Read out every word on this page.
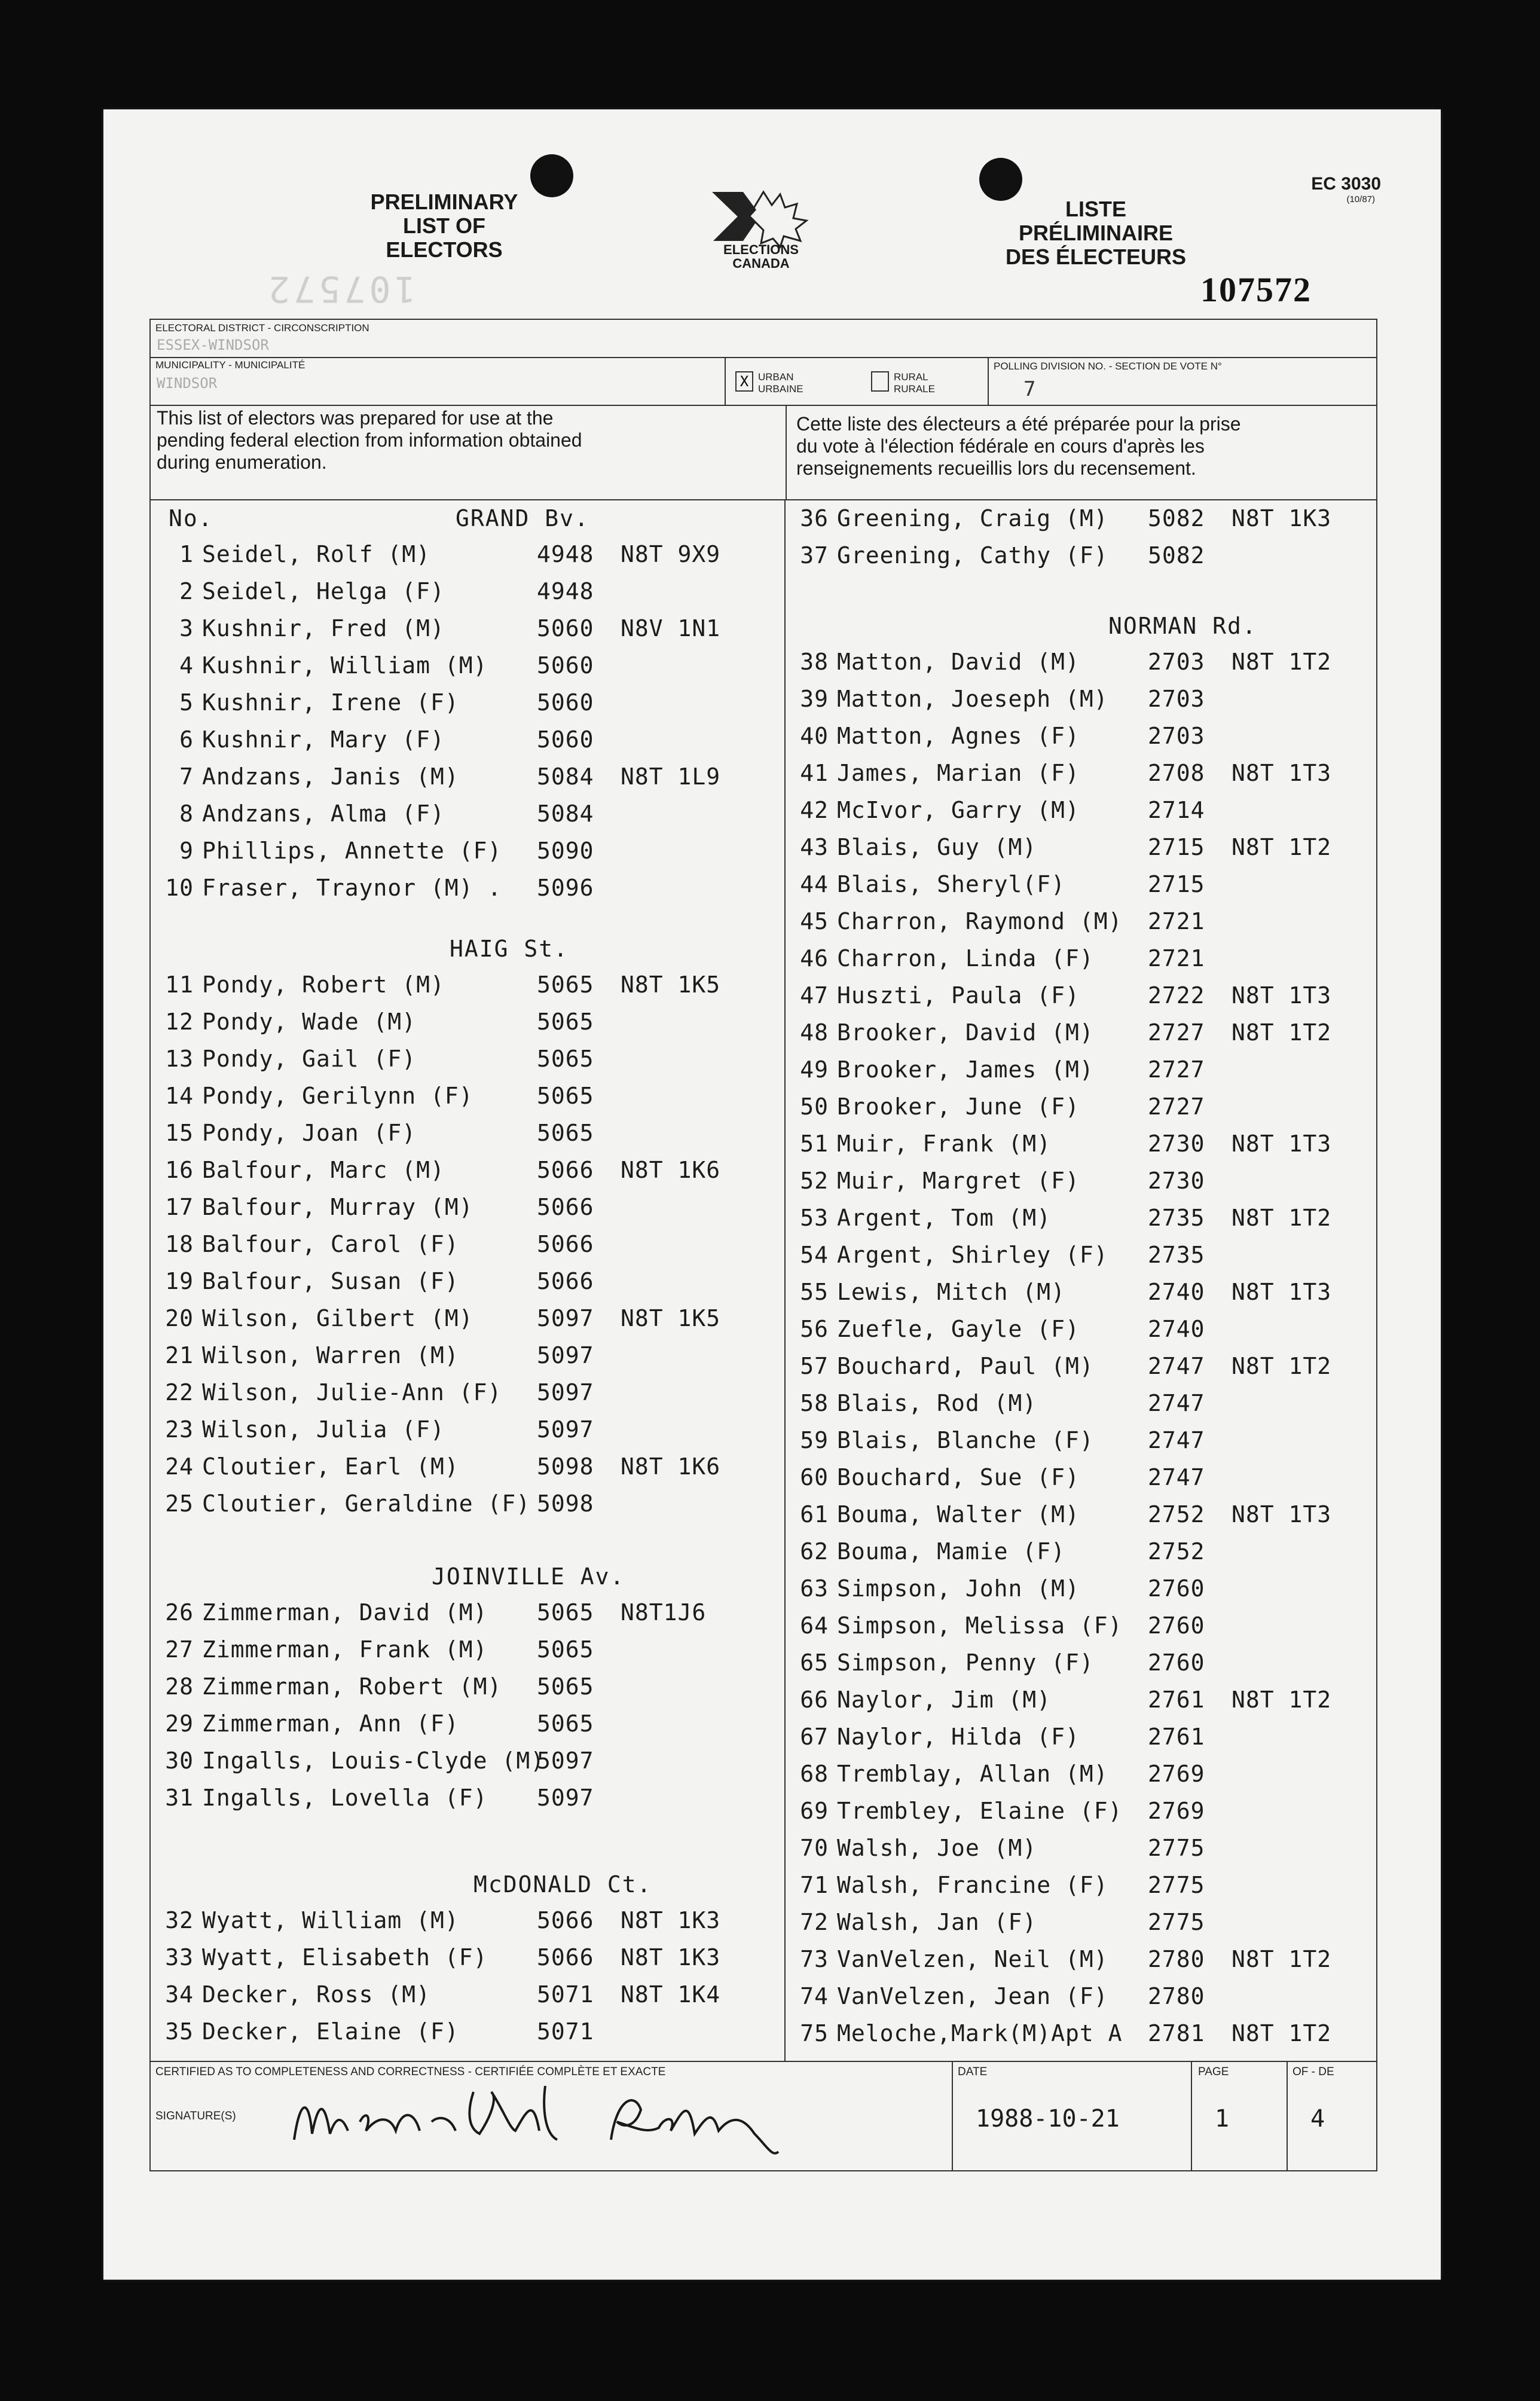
PRELIMINARY
LIST OF
ELECTORS	ELECTIONS
CANADA
LISTE
PRÉLIMINAIRE
DES ÉLECTEURS
EC 3030
(10/87)
107572
107572
ELECTORAL DISTRICT - CIRCONSCRIPTION
ESSEX-WINDSOR
MUNICIPALITY - MUNICIPALITÉ
WINDSOR	X URBAN
URBAINE
RURAL
RURALE
POLLING DIVISION NO. - SECTION DE VOTE N°
7
This list of electors was prepared for use at the
pending federal election from information obtained
during enumeration.
Cette liste des électeurs a été préparée pour la prise
du vote à l'élection fédérale en cours d'après les
renseignements recueillis lors du recensement.
No.	GRAND Bv.
HAIG St.
JOINVILLE Av.
McDONALD Ct.
1 Seidel, Rolf (M)	4948 N8T 9X9
2 Seidel, Helga (F)	4948
3 Kushnir, Fred (M)	5060 N8V 1N1
4 Kushnir, William (M) 5060
5 Kushnir, Irene (F)	5060
6 Kushnir, Mary (F)	5060
7 Andzans, Janis (M)	5084 N8T 1L9
8 Andzans, Alma (F)	5084
9 Phillips, Annette (F) 5090
10 Fraser, Traynor (M) . 5096
11 Pondy, Robert (M)	5065 N8T 1K5
12 Pondy, Wade (M)	5065
13 Pondy, Gail (F)	5065
14 Pondy, Gerilynn (F)	5065
15 Pondy, Joan (F)	5065
16 Balfour, Marc (M)	5066 N8T 1K6
17 Balfour, Murray (M)	5066
18 Balfour, Carol (F)	5066
19 Balfour, Susan (F)	5066
20 Wilson, Gilbert (M)	5097 N8T 1K5
21 Wilson, Warren (M)	5097
22 Wilson, Julie-Ann (F) 5097
23 Wilson, Julia (F)	5097
24 Cloutier, Earl (M)	5098 N8T 1K6
25 Cloutier, Geraldine (F) 5098
26 Zimmerman, David (M) 5065 N8T1J6
27 Zimmerman, Frank (M) 5065
28 Zimmerman, Robert (M) 5065
29 Zimmerman, Ann (F)	5065
30 Ingalls, Louis-Clyde (M)5097
31 Ingalls, Lovella (F) 5097
32 Wyatt, William (M)	5066 N8T 1K3
33 Wyatt, Elisabeth (F) 5066 N8T 1K3
34 Decker, Ross (M)	5071 N8T 1K4
35 Decker, Elaine (F)	5071
NORMAN Rd.
36 Greening, Craig (M) 5082 N8T 1K3
37 Greening, Cathy (F) 5082
38 Matton, David (M)	2703 N8T 1T2
39 Matton, Joeseph (M) 2703
40 Matton, Agnes (F)	2703
41 James, Marian (F)	2708 N8T 1T3
42 McIvor, Garry (M)	2714
43 Blais, Guy (M)	2715 N8T 1T2
44 Blais, Sheryl(F)	2715
45 Charron, Raymond (M) 2721
46 Charron, Linda (F) 2721
47 Huszti, Paula (F)	2722 N8T 1T3
48 Brooker, David (M) 2727 N8T 1T2
49 Brooker, James (M) 2727
50 Brooker, June (F)	2727
51 Muir, Frank (M)	2730 N8T 1T3
52 Muir, Margret (F)	2730
53 Argent, Tom (M)	2735 N8T 1T2
54 Argent, Shirley (F) 2735
55 Lewis, Mitch (M)	2740 N8T 1T3
56 Zuefle, Gayle (F)	2740
57 Bouchard, Paul (M) 2747 N8T 1T2
58 Blais, Rod (M)	2747
59 Blais, Blanche (F) 2747
60 Bouchard, Sue (F)	2747
61 Bouma, Walter (M)	2752 N8T 1T3
62 Bouma, Mamie (F)	2752
63 Simpson, John (M)	2760
64 Simpson, Melissa (F) 2760
65 Simpson, Penny (F) 2760
66 Naylor, Jim (M)	2761 N8T 1T2
67 Naylor, Hilda (F)	2761
68 Tremblay, Allan (M) 2769
69 Trembley, Elaine (F) 2769
70 Walsh, Joe (M)	2775
71 Walsh, Francine (F) 2775
72 Walsh, Jan (F)	2775
73 VanVelzen, Neil (M) 2780 N8T 1T2
74 VanVelzen, Jean (F) 2780
75 Meloche,Mark(M)Apt A 2781 N8T 1T2
CERTIFIED AS TO COMPLETENESS AND CORRECTNESS - CERTIFIÉE COMPLÈTE ET EXACTE
SIGNATURE(S)
DATE
1988-10-21
PAGE
1
OF - DE
4
